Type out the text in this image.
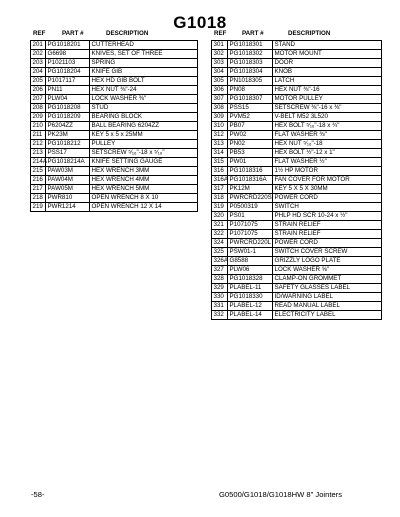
G1018
REF	PART #	DESCRIPTION	REF	PART #	DESCRIPTION
201	PG1018201	CUTTERHEAD
202	G6698	KNIVES, SET OF THREE
203	P1021103	SPRING
204	PG1018204	KNIFE GIB
205	P1017117	HEX HD GIB BOLT
206	PN11	HEX NUT ⅜"-24
207	PLW04	LOCK WASHER ⅜"
208	PG1018208	STUD
209	PG1018209	BEARING BLOCK
210	P6204ZZ	BALL BEARING 6204ZZ
211	PK23M	KEY 5 x 5 x 25MM
212	PG1018212	PULLEY
213	PSS17	SETSCREW ⁵⁄₁₆"-18 x ⁵⁄₁₆"
214A	PG1018214A	KNIFE SETTING GAUGE
215	PAW03M	HEX WRENCH 3MM
216	PAW04M	HEX WRENCH 4MM
217	PAW05M	HEX WRENCH 5MM
218	PWR810	OPEN WRENCH 8 X 10
219	PWR1214	OPEN WRENCH 12 X 14
301	PG1018301	STAND
302	PG1018302	MOTOR MOUNT
303	PG1018303	DOOR
304	PG1018304	KNOB
305	PN1018305	LATCH
306	PN08	HEX NUT ⅜"-16
307	PG1018307	MOTOR PULLEY
308	PSS15	SETSCREW ⅜"-16 x ⅜"
309	PVM52	V-BELT M52 3L520
310	PB07	HEX BOLT ⁵⁄₁₆"-18 x ¾"
312	PW02	FLAT WASHER ⅜"
313	PN02	HEX NUT ⁵⁄₁₆"-18
314	PB53	HEX BOLT ½"-12 x 1"
315	PW01	FLAT WASHER ½"
316	PG1018316	1½ HP MOTOR
316A	PG1018316A	FAN COVER FOR MOTOR
317	PK12M	KEY 5 X 5 X 30MM
318	PWRCRD220S	POWER CORD
319	P0500319	SWITCH
320	PS01	PHLP HD SCR 10-24 x ½"
321	P1071075	STRAIN RELIEF
322	P1071075	STRAIN RELIEF
324	PWRCRD220L	POWER CORD
325	PSW01-1	SWITCH COVER SCREW
326A	G8588	GRIZZLY LOGO PLATE
327	PLW06	LOCK WASHER ⅝"
328	PG1018328	CLAMP-ON GROMMET
329	PLABEL-11	SAFETY GLASSES LABEL
330	PG1018330	ID/WARNING LABEL
331	PLABEL-12	READ MANUAL LABEL
332	PLABEL-14	ELECTRICITY LABEL
-58-	G0500/G1018/G1018HW 8" Jointers
